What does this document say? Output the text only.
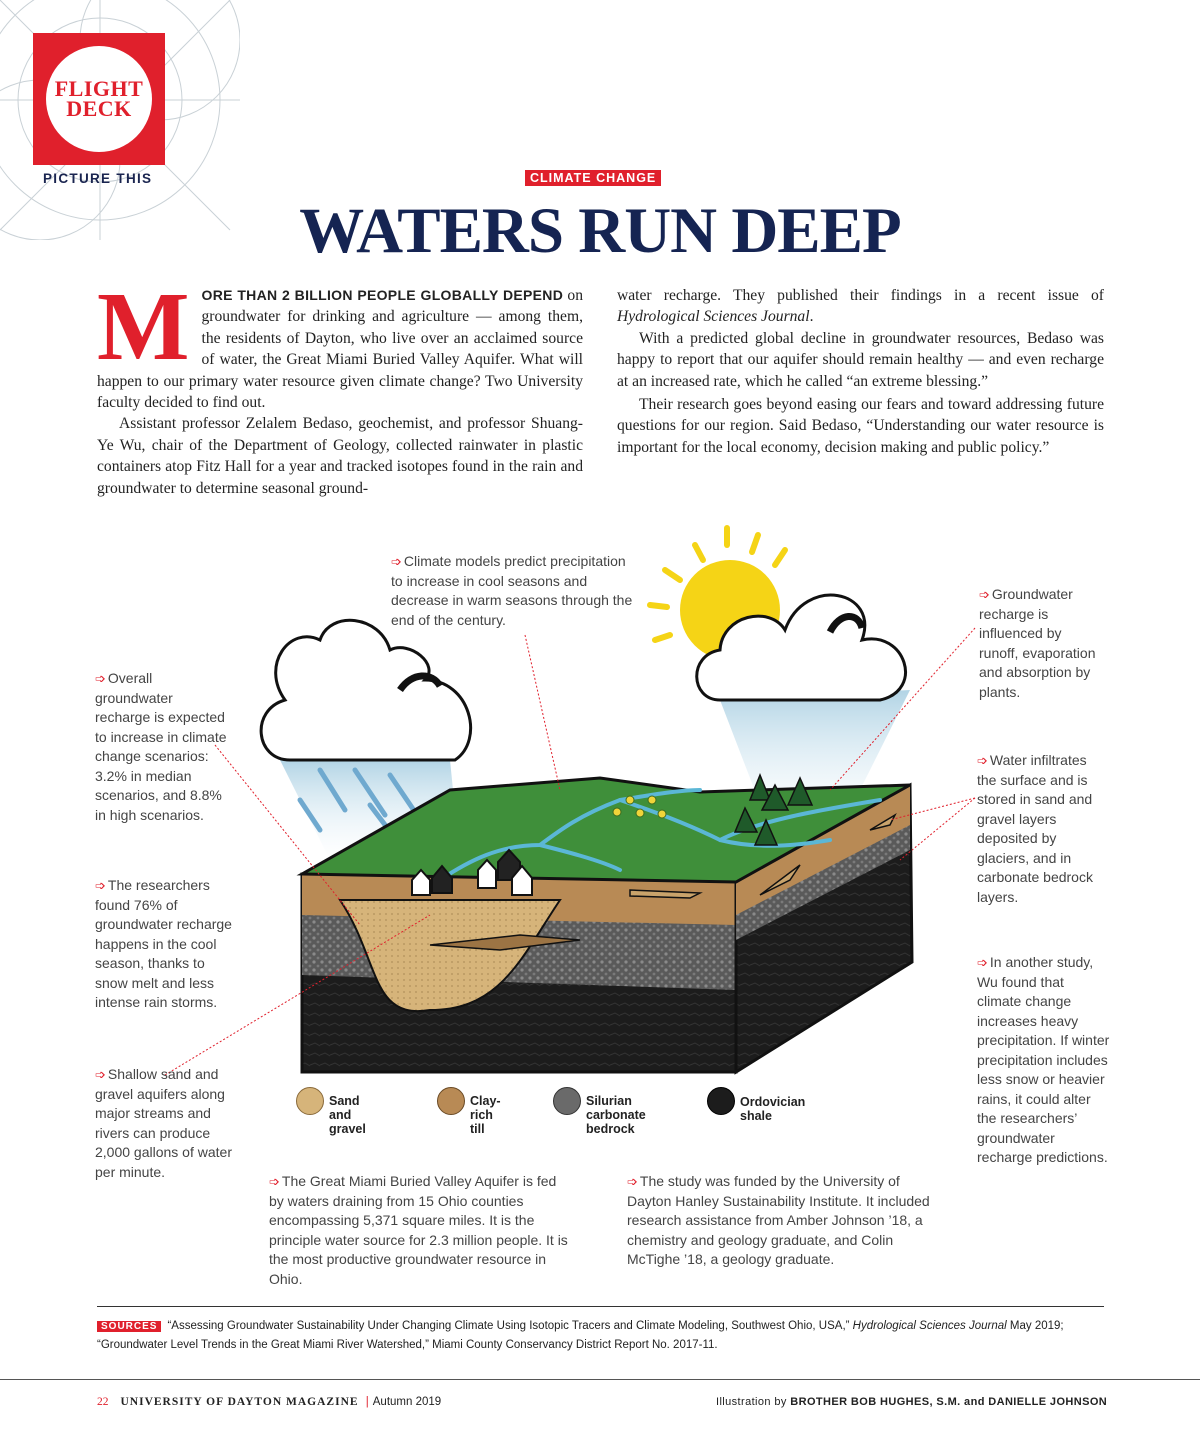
FLIGHT
DECK
PICTURE THIS	CLIMATE CHANGE
WATERS RUN DEEP

MORE THAN 2 BILLION PEOPLE GLOBALLY DEPEND on groundwater for drinking and agriculture — among them, the residents of Dayton, who live over an acclaimed source of water, the Great Miami Buried Valley Aquifer. What will happen to our primary water resource given climate change? Two University faculty decided to find out.

Assistant professor Zelalem Bedaso, geochemist, and professor Shuang-Ye Wu, chair of the Department of Geology, collected rainwater in plastic containers atop Fitz Hall for a year and tracked isotopes found in the rain and groundwater to determine seasonal ground-

water recharge. They published their findings in a recent issue of Hydrological Sciences Journal.

With a predicted global decline in groundwater resources, Bedaso was happy to report that our aquifer should remain healthy — and even recharge at an increased rate, which he called “an extreme blessing.”

Their research goes beyond easing our fears and toward addressing future questions for our region. Said Bedaso, “Understanding our water resource is important for the local economy, decision making and public policy.”

➩ Climate models predict precipitation to increase in cool seasons and decrease in warm seasons through the end of the century.
➩ Groundwater recharge is influenced by runoff, evaporation and absorption by plants.
➩ Overall groundwater recharge is expected to increase in climate change scenarios: 3.2% in median scenarios, and 8.8% in high scenarios.
➩ Water infiltrates the surface and is stored in sand and gravel layers deposited by glaciers, and in carbonate bedrock layers.
➩ The researchers found 76% of groundwater recharge happens in the cool season, thanks to snow melt and less intense rain storms.
➩ In another study, Wu found that climate change increases heavy precipitation. If winter precipitation includes less snow or heavier rains, it could alter the researchers’ groundwater recharge predictions.
➩ Shallow sand and gravel aquifers along major streams and rivers can produce 2,000 gallons of water per minute.
➩ The Great Miami Buried Valley Aquifer is fed by waters draining from 15 Ohio counties encompassing 5,371 square miles. It is the principle water source for 2.3 million people. It is the most productive groundwater resource in Ohio.
➩ The study was funded by the University of Dayton Hanley Sustainability Institute. It included research assistance from Amber Johnson ’18, a chemistry and geology graduate, and Colin McTighe ’18, a geology graduate.
Sand and gravel
Clay-rich till
Silurian carbonate
bedrock
Ordovician shale
SOURCES “Assessing Groundwater Sustainability Under Changing Climate Using Isotopic Tracers and Climate Modeling, Southwest Ohio, USA,” Hydrological Sciences Journal May 2019;
“Groundwater Level Trends in the Great Miami River Watershed,” Miami County Conservancy District Report No. 2017-11.
22 UNIVERSITY OF DAYTON MAGAZINE | Autumn 2019	Illustration by BROTHER BOB HUGHES, S.M. and DANIELLE JOHNSON
